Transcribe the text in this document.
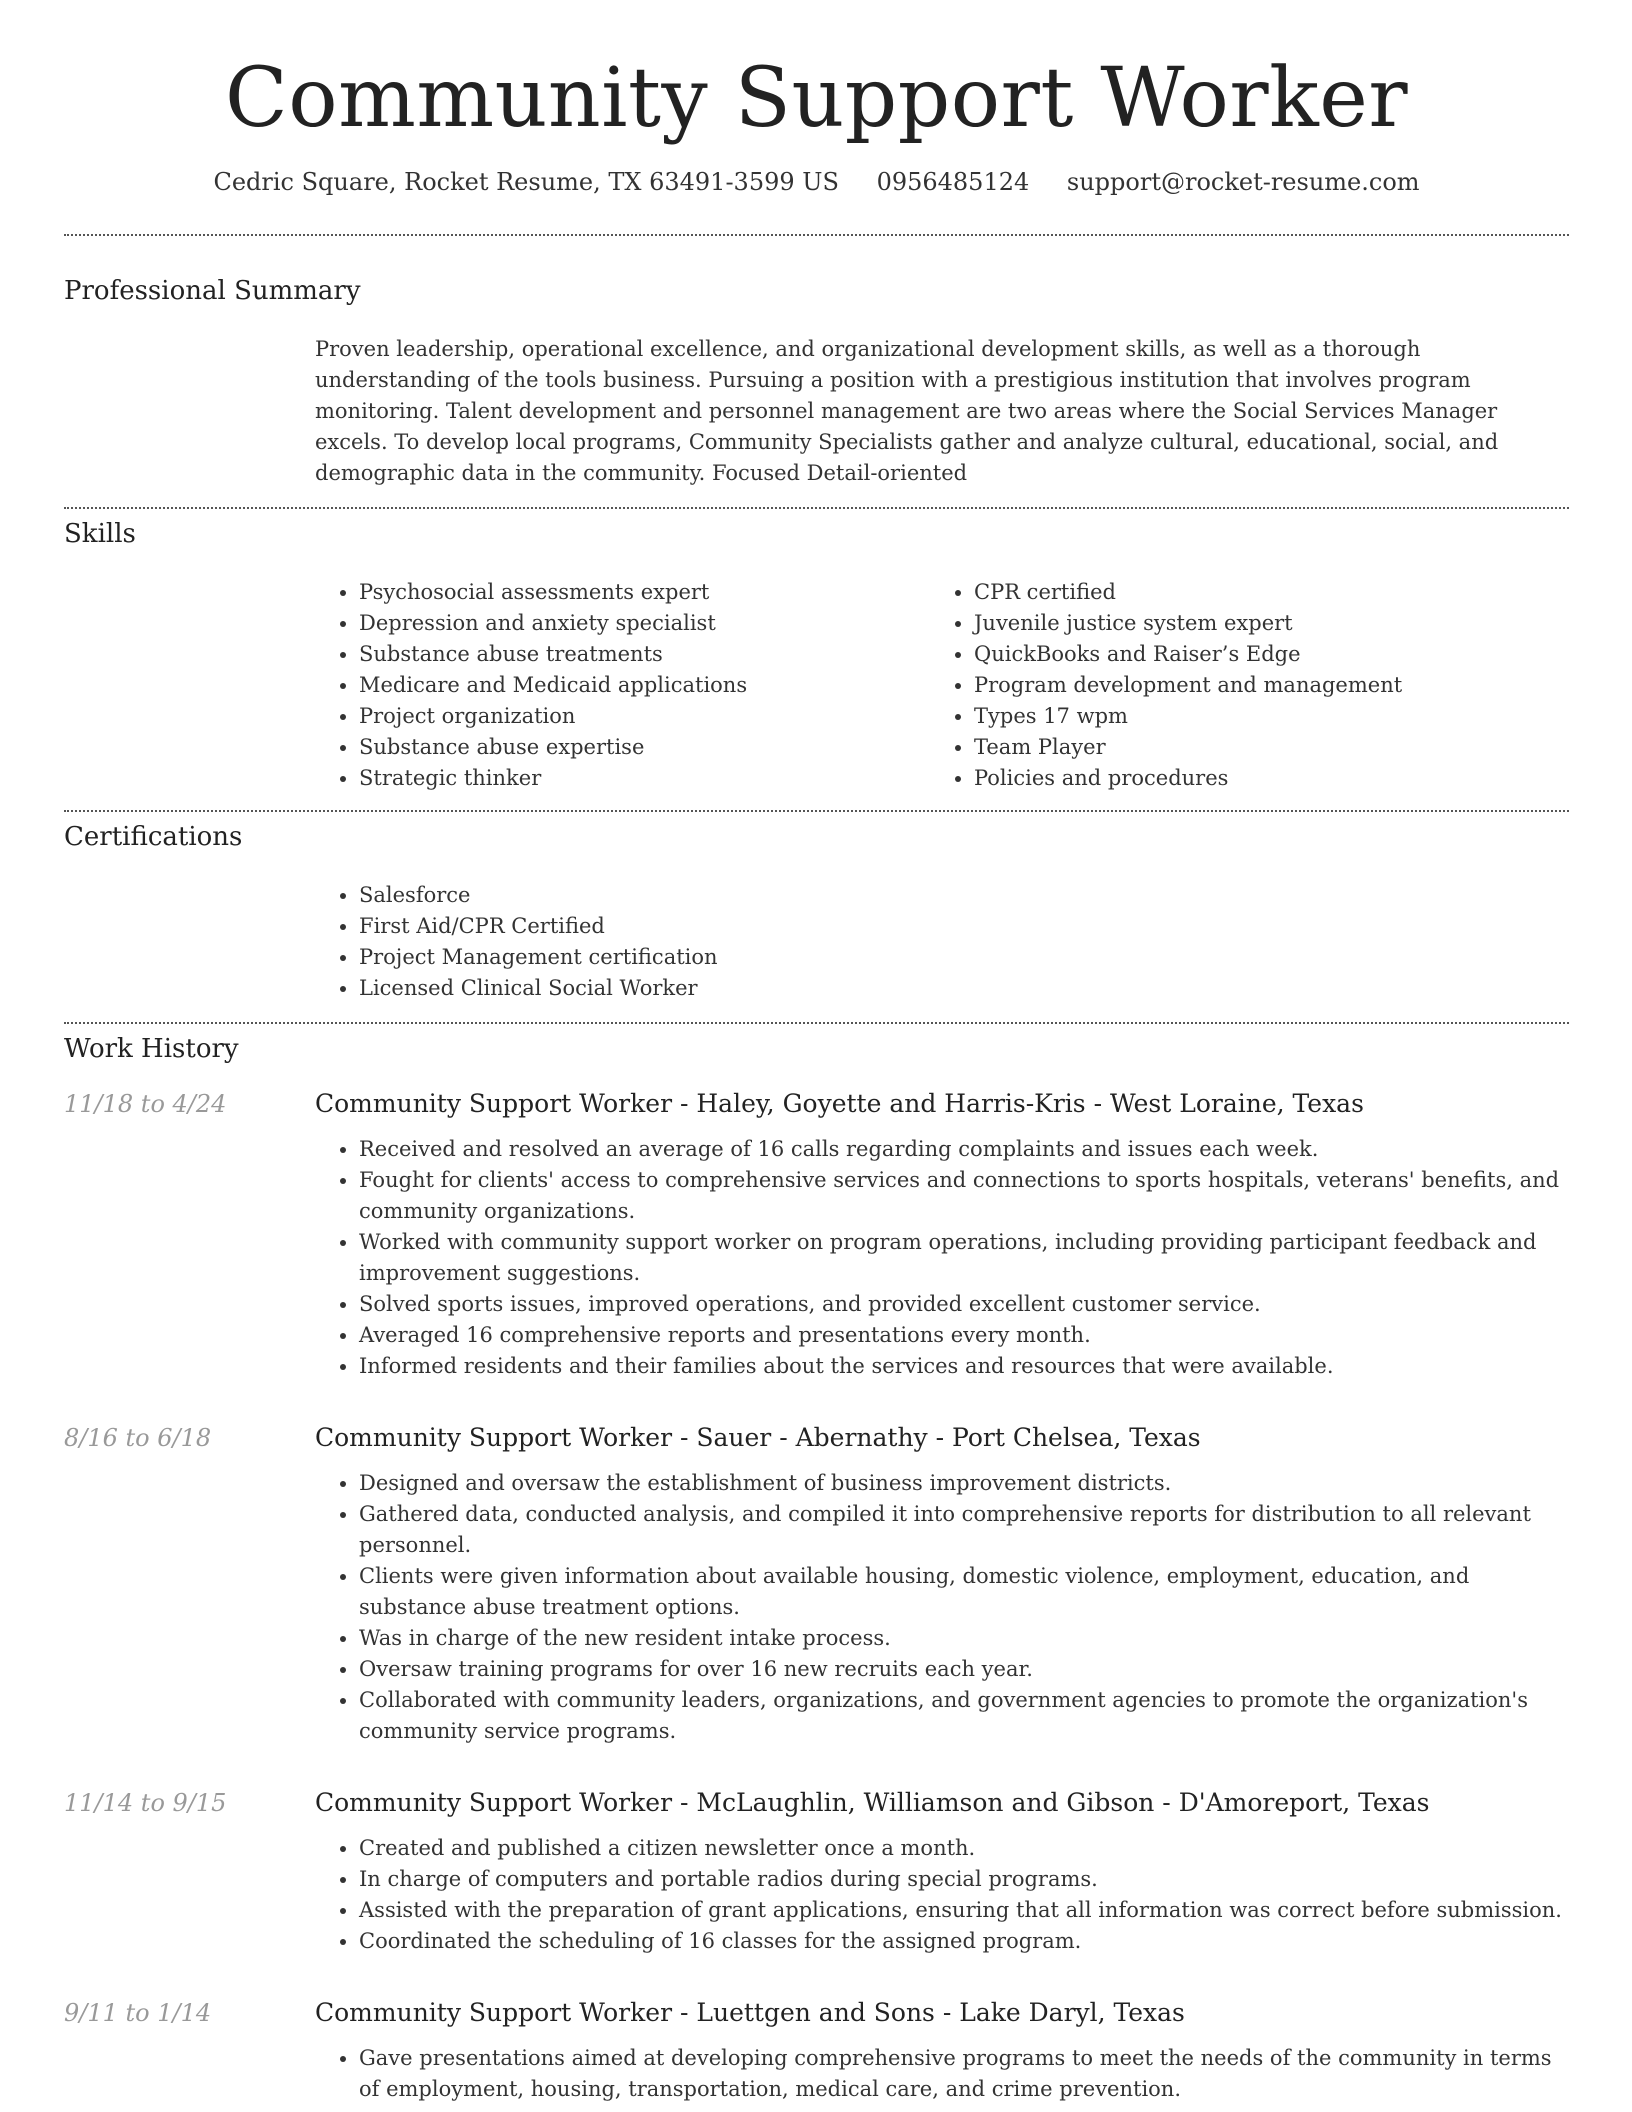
Community Support Worker
Cedric Square, Rocket Resume, TX 63491-3599 US 0956485124 support@rocket-resume.com
Professional Summary

Proven leadership, operational excellence, and organizational development skills, as well as a thorough understanding of the tools business. Pursuing a position with a prestigious institution that involves program monitoring. Talent development and personnel management are two areas where the Social Services Manager excels. To develop local programs, Community Specialists gather and analyze cultural, educational, social, and demographic data in the community. Focused Detail-oriented

Skills
• Psychosocial assessments expert
• Depression and anxiety specialist
• Substance abuse treatments
• Medicare and Medicaid applications
• Project organization
• Substance abuse expertise
• Strategic thinker
• CPR certified
• Juvenile justice system expert
• QuickBooks and Raiser’s Edge
• Program development and management
• Types 17 wpm
• Team Player
• Policies and procedures
Certifications
• Salesforce
• First Aid/CPR Certified
• Project Management certification
• Licensed Clinical Social Worker
Work History
11/18 to 4/24	Community Support Worker - Haley, Goyette and Harris-Kris - West Loraine, Texas
• Received and resolved an average of 16 calls regarding complaints and issues each week.
• Fought for clients' access to comprehensive services and connections to sports hospitals, veterans' benefits, and community organizations.
• Worked with community support worker on program operations, including providing participant feedback and improvement suggestions.
• Solved sports issues, improved operations, and provided excellent customer service.
• Averaged 16 comprehensive reports and presentations every month.
• Informed residents and their families about the services and resources that were available.
8/16 to 6/18	Community Support Worker - Sauer - Abernathy - Port Chelsea, Texas
• Designed and oversaw the establishment of business improvement districts.
• Gathered data, conducted analysis, and compiled it into comprehensive reports for distribution to all relevant personnel.
• Clients were given information about available housing, domestic violence, employment, education, and substance abuse treatment options.
• Was in charge of the new resident intake process.
• Oversaw training programs for over 16 new recruits each year.
• Collaborated with community leaders, organizations, and government agencies to promote the organization's community service programs.
11/14 to 9/15	Community Support Worker - McLaughlin, Williamson and Gibson - D'Amoreport, Texas
• Created and published a citizen newsletter once a month.
• In charge of computers and portable radios during special programs.
• Assisted with the preparation of grant applications, ensuring that all information was correct before submission.
• Coordinated the scheduling of 16 classes for the assigned program.
9/11 to 1/14	Community Support Worker - Luettgen and Sons - Lake Daryl, Texas
• Gave presentations aimed at developing comprehensive programs to meet the needs of the community in terms of employment, housing, transportation, medical care, and crime prevention.
